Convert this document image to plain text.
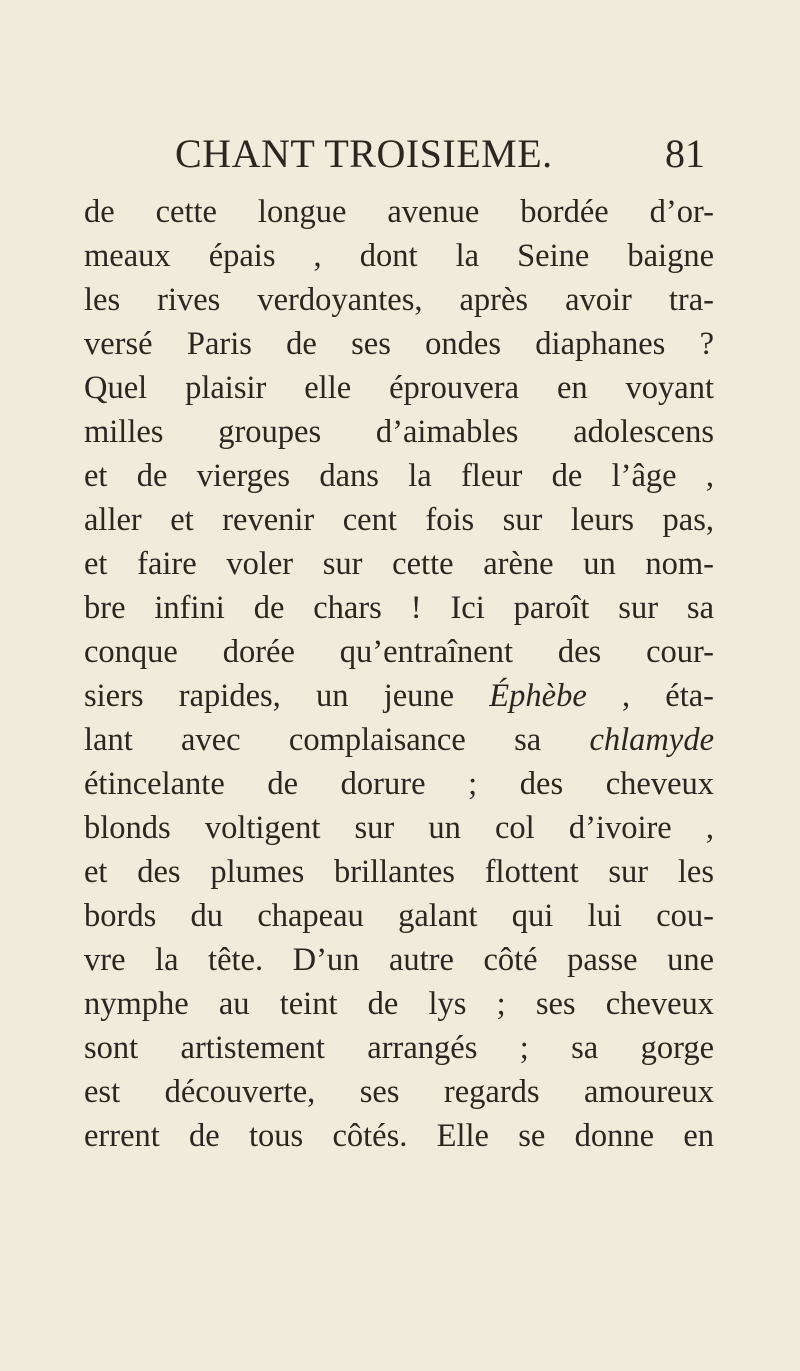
CHANT TROISIEME.	81
de cette longue avenue bordée d’or-
meaux épais , dont la Seine baigne
les rives verdoyantes, après avoir tra-
versé Paris de ses ondes diaphanes ?
Quel plaisir elle éprouvera en voyant
milles groupes d’aimables adolescens
et de vierges dans la fleur de l’âge ,
aller et revenir cent fois sur leurs pas,
et faire voler sur cette arène un nom-
bre infini de chars ! Ici paroît sur sa
conque dorée qu’entraînent des cour-
siers rapides, un jeune Éphèbe , éta-
lant avec complaisance sa chlamyde
étincelante de dorure ; des cheveux
blonds voltigent sur un col d’ivoire ,
et des plumes brillantes flottent sur les
bords du chapeau galant qui lui cou-
vre la tête. D’un autre côté passe une
nymphe au teint de lys ; ses cheveux
sont artistement arrangés ; sa gorge
est découverte, ses regards amoureux
errent de tous côtés. Elle se donne en
